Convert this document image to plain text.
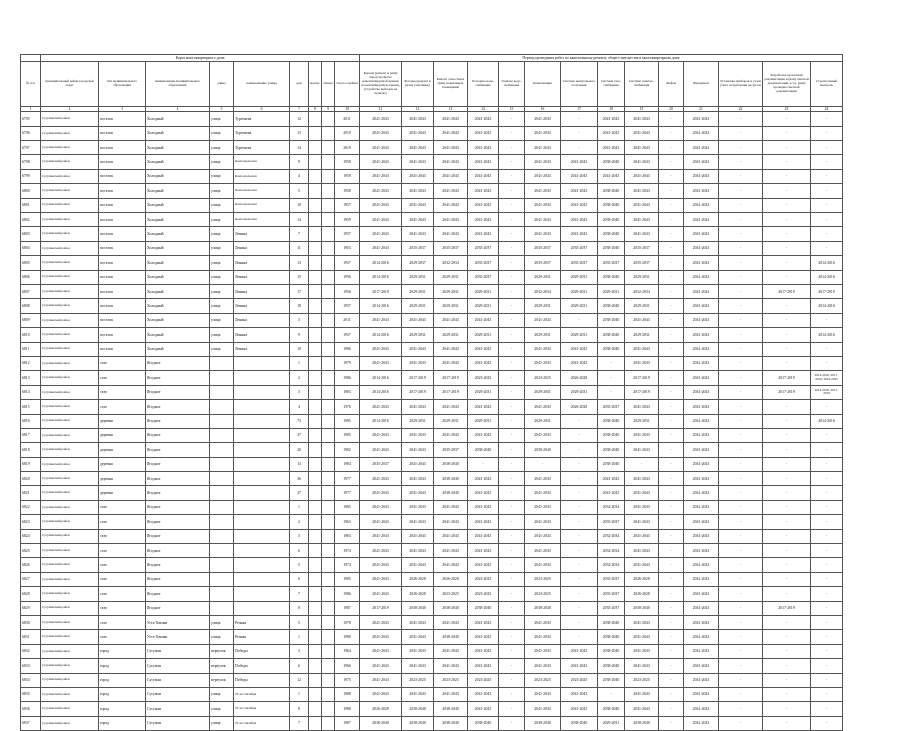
	Карта многоквартирного дома									Период проведения работ по капитальному ремонту общего имущества в многоквартирном доме													
№ п/п	муниципальный район/городской округ	тип муниципального образования	наименование муниципального образования	улица	наименование улицы	дом	корпус	литера	Год постройки	Кровля (ремонт и (или) переустройство невентилируемой крыши на вентилируемую крышу, устройство выходов на кровлю)	Фасады (ремонт и (или) утепление)	Ремонт отмостки и (или) подвальных помещений	Холодное водо-снабжение	Горячее водо-снабжение	Канализация	Система центрального отопления	Система газо-снабжения	Система электро-снабжения	Лифты	Фундамент	Установка приборов и узлов учета потребления ресурсов	Разработка проектной документации и (или) сметной документации, в т.ч. (или) проверка сметной документации	Строительный контроль
1	2	3	4	5	6	7	8	9	10	11	12	13	14	15	16	17	18	19	20	21	22	23	24
6795	Сусуманский район	поселок	Холодный	улица	Тургенева	12			2011	2041-2043	2041-2043	2041-2043	2041-2043	-	2041-2043	-	2041-2043	2041-2043	-	2041-2043	-	-	-
6796	Сусуманский район	поселок	Холодный	улица	Тургенева	13			2010	2041-2043	2041-2043	2041-2043	2041-2043	-	2041-2043	-	2041-2043	2041-2043	-	2041-2043	-	-	-
6797	Сусуманский район	поселок	Холодный	улица	Тургенева	14			2010	2041-2043	2041-2043	2041-2043	2041-2043	-	2041-2043	-	2041-2043	2041-2043	-	2041-2043	-	-	-
6798	Сусуманский район	поселок	Холодный	улица	Комсомольская	9			1958	2041-2043	2041-2043	2041-2043	2041-2043	-	2041-2043	2041-2043	2038-2040	2041-2043	-	2041-2043	-	-	-
6799	Сусуманский район	поселок	Холодный	улица	Комсомольская	4			1959	2041-2043	2041-2043	2041-2043	2041-2043	-	2041-2043	2041-2043	2041-2043	2041-2043	-	2041-2043	-	-	-
6800	Сусуманский район	поселок	Холодный	улица	Комсомольская	5			1958	2041-2043	2041-2043	2041-2043	2041-2043	-	2041-2043	2041-2043	2038-2040	2041-2043	-	2041-2043	-	-	-
6801	Сусуманский район	поселок	Холодный	улица	Комсомольская	10			1957	2041-2043	2041-2043	2041-2043	2041-2043	-	2041-2043	2041-2043	2038-2040	2041-2043	-	2041-2043	-	-	-
6802	Сусуманский район	поселок	Холодный	улица	Комсомольская	14			1959	2041-2043	2041-2043	2041-2043	2041-2043	-	2041-2043	2041-2043	2038-2040	2041-2043	-	2041-2043	-	-	-
6803	Сусуманский район	поселок	Холодный	улица	Ленина	7			1957	2041-2043	2041-2043	2041-2043	2041-2043	-	2041-2043	2041-2043	2038-2040	2041-2043	-	2041-2043	-	-	-
6804	Сусуманский район	поселок	Холодный	улица	Ленина	11			1953	2041-2043	2035-2037	2035-2037	2035-2037	-	2035-2037	2035-2037	2038-2040	2035-2037	-	2041-2043	-	-	-
6805	Сусуманский район	поселок	Холодный	улица	Ленина	13			1957	2014-2016	2029-2037	2032-2034	2035-2037	-	2035-2037	2035-2037	2035-2037	2035-2037	-	2041-2043	-	-	2014-2016
6806	Сусуманский район	поселок	Холодный	улица	Ленина	15			1956	2014-2016	2029-2031	2029-2031	2035-2037	-	2029-2031	2029-2031	2038-2040	2029-2031	-	2041-2043	-	-	2014-2016
6807	Сусуманский район	поселок	Холодный	улица	Ленина	17			1956	2017-2019	2029-2031	2029-2031	2029-2031	-	2032-2034	2029-2031	2029-2031	2032-2034	-	2041-2043	-	2017-2019	2017-2019
6808	Сусуманский район	поселок	Холодный	улица	Ленина	18			1957	2014-2016	2029-2031	2029-2031	2029-2031	-	2029-2031	2029-2031	2038-2040	2029-2031	-	2041-2043	-	-	2014-2016
6809	Сусуманский район	поселок	Холодный	улица	Ленина	3			2011	2041-2043	2041-2043	2041-2043	2041-2043	-	2041-2043	-	2038-2040	2041-2043	-	2041-2043	-	-	-
6810	Сусуманский район	поселок	Холодный	улица	Ленина	9			1957	2014-2016	2029-2031	2029-2031	2029-2031	-	2029-2031	2029-2031	2038-2040	2029-2031	-	2041-2043	-	-	2014-2016
6811	Сусуманский район	поселок	Холодный	улица	Ленина	10			1986	2041-2043	2041-2043	2041-2043	2041-2043	-	2041-2043	2041-2043	2038-2040	2041-2043	-	2041-2043	-	-	-
6812	Сусуманский район	село	Ягодное			1			1979	2041-2043	2041-2043	2041-2043	2041-2043	-	2041-2043	2041-2043	-	2041-2043	-	2041-2043	-	-	-
6813	Сусуманский район	село	Ягодное			2			1986	2014-2016	2017-2019	2017-2019	2023-2025	-	2023-2025	2026-2028	-	2017-2019	-	2041-2043	-	2017-2019	2014-2016, 2017-2019, 2023-2025
6814	Сусуманский район	село	Ягодное			3			1983	2014-2016	2017-2019	2017-2019	2029-2031	-	2029-2031	2029-2031	-	2017-2019	-	2041-2043	-	2017-2019	2014-2016, 2017-2019
6815	Сусуманский район	село	Ягодное			4			1976	2041-2043	2041-2043	2041-2043	2041-2043	-	2041-2043	2026-2028	2035-2037	2041-2043	-	2041-2043	-	-	-
6816	Сусуманский район	деревня	Ягодное			73			1985	2014-2016	2029-2031	2029-2031	2029-2031	-	2029-2031	-	2038-2040	2029-2031	-	2041-2043	-	-	2014-2016
6817	Сусуманский район	деревня	Ягодное			37			1985	2041-2043	2041-2043	2041-2043	2041-2043	-	2041-2043	-	2038-2040	2041-2043	-	2041-2043	-	-	-
6818	Сусуманский район	деревня	Ягодное			20			1982	2041-2043	2041-2043	2035-2037	2038-2040	-	2038-2040	-	2038-2040	2041-2043	-	2041-2043	-	-	-
6819	Сусуманский район	деревня	Ягодное			13			1984	2035-2037	2041-2043	2038-2040	-	-	-	-	2038-2040	-	-	2041-2043	-	-	-
6820	Сусуманский район	деревня	Ягодное			36			1977	2041-2043	2041-2043	2038-2040	2041-2043	-	2041-2043	-	2041-2043	2041-2043	-	2041-2043	-	-	-
6821	Сусуманский район	деревня	Ягодное			37			1977	2041-2043	2041-2043	2038-2040	2041-2043	-	2041-2043	-	2041-2043	2041-2043	-	2041-2043	-	-	-
6822	Сусуманский район	село	Ягодное			1			1965	2041-2043	2041-2043	2041-2043	2041-2043	-	2041-2043	-	2032-2034	2041-2043	-	2041-2043	-	-	-
6823	Сусуманский район	село	Ягодное			2			1963	2041-2043	2041-2043	2041-2043	2041-2043	-	2041-2043	-	2035-2037	2041-2043	-	2041-2043	-	-	-
6824	Сусуманский район	село	Ягодное			3			1963	2041-2043	2041-2043	2041-2043	2041-2043	-	2041-2043	-	2032-2034	2041-2043	-	2041-2043	-	-	-
6825	Сусуманский район	село	Ягодное			6			1974	2041-2043	2041-2043	2041-2043	2041-2043	-	2041-2043	-	2032-2034	2041-2043	-	2041-2043	-	-	-
6826	Сусуманский район	село	Ягодное			5			1974	2041-2043	2041-2043	2041-2043	2041-2043	-	2041-2043	-	2032-2034	2041-2043	-	2041-2043	-	-	-
6827	Сусуманский район	село	Ягодное			6			1985	2041-2043	2026-2028	2026-2028	2023-2025	-	2023-2025	-	2035-2037	2026-2028	-	2041-2043	-	-	-
6828	Сусуманский район	село	Ягодное			7			1986	2041-2043	2026-2028	2023-2025	2023-2025	-	2023-2025	-	2035-2037	2026-2028	-	2041-2043	-	-	-
6829	Сусуманский район	село	Ягодное			8			1987	2017-2019	2038-2040	2038-2040	2038-2040	-	2038-2040	-	2035-2037	2038-2040	-	2041-2043	-	2017-2019	-
6830	Сусуманский район	село	Усть-Хакчан	улица	Речная	5			1978	2041-2043	2041-2043	2041-2043	2041-2043	-	2041-2043	-	2038-2040	2041-2043	-	2041-2043	-	-	-
6831	Сусуманский район	село	Усть-Хакчан	улица	Речная	1			1989	2041-2043	2041-2043	2038-2040	2041-2043	-	2041-2043	-	2038-2040	2041-2043	-	2041-2043	-	-	-
6832	Сусуманский район	город	Сусуман	переулок	Победы	3			1964	2041-2043	2041-2043	2041-2043	2041-2043	-	2041-2043	2041-2043	2038-2040	2041-2043	-	2041-2043	-	-	-
6833	Сусуманский район	город	Сусуман	переулок	Победы	6			1966	2041-2043	2041-2043	2041-2043	2041-2043	-	2041-2043	2041-2043	2038-2040	2041-2043	-	2041-2043	-	-	-
6834	Сусуманский район	город	Сусуман	переулок	Победы	12			1975	2041-2043	2023-2025	2023-2025	2023-2025	-	2023-2025	2023-2025	2038-2040	2023-2025	-	2041-2043	-	-	-
6835	Сусуманский район	город	Сусуман	улица	70 лет Октября	1			1988	2041-2043	2041-2043	2041-2043	2041-2043	-	2041-2043	2041-2043	-	2041-2043	-	2041-2043	-	-	-
6836	Сусуманский район	город	Сусуман	улица	70 лет Октября	8			1988	2026-2028	2038-2040	2038-2040	2041-2043	-	2041-2043	2041-2043	2038-2040	2041-2043	-	2041-2043	-	-	-
6837	Сусуманский район	город	Сусуман	улица	70 лет Октября	7			1987	2038-2040	2038-2040	2038-2040	2038-2040	-	2038-2040	2038-2040	2029-2031	2038-2040	-	2041-2043	-	-	-
